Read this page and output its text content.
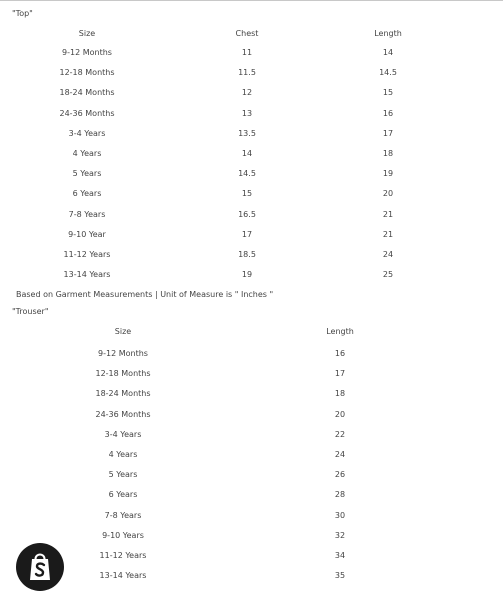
"Top"
Size	Chest	Length
9-12 Months	11	14
12-18 Months	11.5	14.5
18-24 Months	12	15
24-36 Months	13	16
3-4 Years	13.5	17
4 Years	14	18
5 Years	14.5	19
6 Years	15	20
7-8 Years	16.5	21
9-10 Year	17	21
11-12 Years	18.5	24
13-14 Years	19	25
Based on Garment Measurements | Unit of Measure is " Inches "
"Trouser"
Size	Length
9-12 Months	16
12-18 Months	17
18-24 Months	18
24-36 Months	20
3-4 Years	22
4 Years	24
5 Years	26
6 Years	28
7-8 Years	30
9-10 Years	32
11-12 Years	34
13-14 Years	35
